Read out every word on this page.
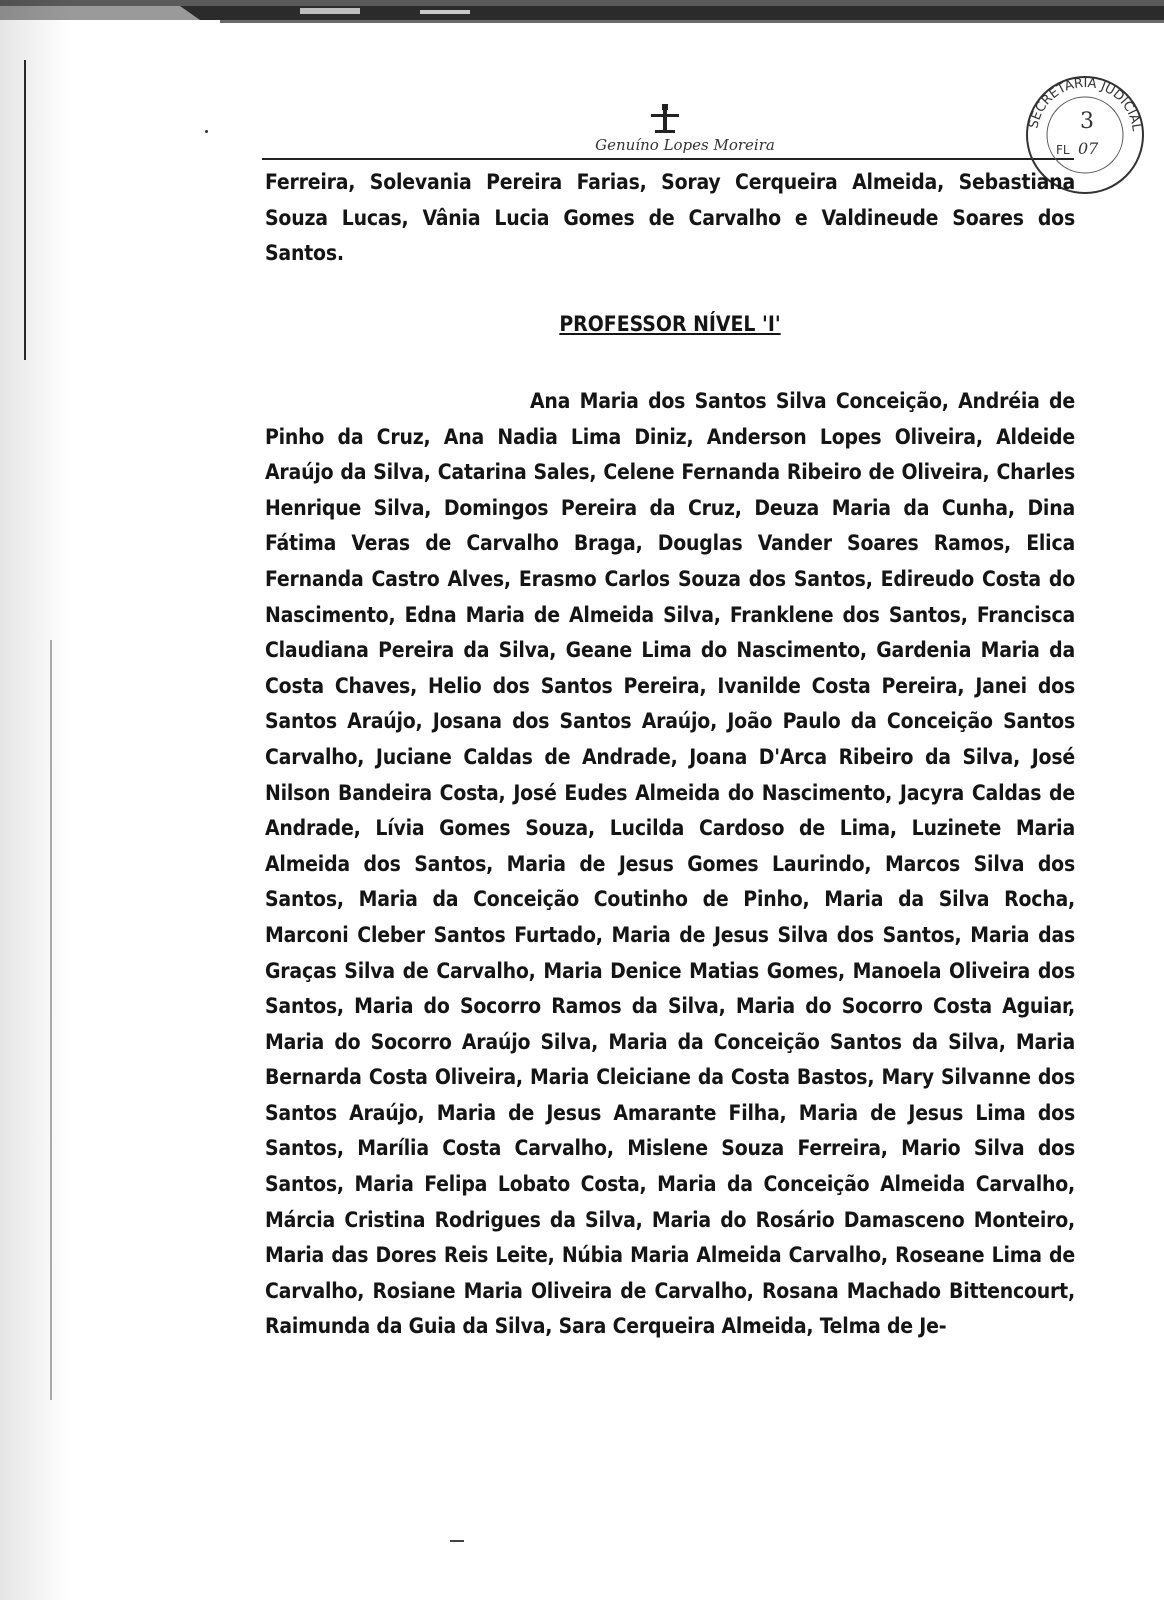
Genuíno Lopes Moreira
SECRETARIA JUDICIAL
3
FL 07
Ferreira, Solevania Pereira Farias, Soray Cerqueira Almeida, Sebastiana Souza Lucas, Vânia Lucia Gomes de Carvalho e Valdineude Soares dos Santos.
PROFESSOR NÍVEL 'I'
Ana Maria dos Santos Silva Conceição, Andréia de Pinho da Cruz, Ana Nadia Lima Diniz, Anderson Lopes Oliveira, Aldeide Araújo da Silva, Catarina Sales, Celene Fernanda Ribeiro de Oliveira, Charles Henrique Silva, Domingos Pereira da Cruz, Deuza Maria da Cunha, Dina Fátima Veras de Carvalho Braga, Douglas Vander Soares Ramos, Elica Fernanda Castro Alves, Erasmo Carlos Souza dos Santos, Edireudo Costa do Nascimento, Edna Maria de Almeida Silva, Franklene dos Santos, Francisca Claudiana Pereira da Silva, Geane Lima do Nascimento, Gardenia Maria da Costa Chaves, Helio dos Santos Pereira, Ivanilde Costa Pereira, Janei dos Santos Araújo, Josana dos Santos Araújo, João Paulo da Conceição Santos Carvalho, Juciane Caldas de Andrade, Joana D'Arca Ribeiro da Silva, José Nilson Bandeira Costa, José Eudes Almeida do Nascimento, Jacyra Caldas de Andrade, Lívia Gomes Souza, Lucilda Cardoso de Lima, Luzinete Maria Almeida dos Santos, Maria de Jesus Gomes Laurindo, Marcos Silva dos Santos, Maria da Conceição Coutinho de Pinho, Maria da Silva Rocha, Marconi Cleber Santos Furtado, Maria de Jesus Silva dos Santos, Maria das Graças Silva de Carvalho, Maria Denice Matias Gomes, Manoela Oliveira dos Santos, Maria do Socorro Ramos da Silva, Maria do Socorro Costa Aguiar, Maria do Socorro Araújo Silva, Maria da Conceição Santos da Silva, Maria Bernarda Costa Oliveira, Maria Cleiciane da Costa Bastos, Mary Silvanne dos Santos Araújo, Maria de Jesus Amarante Filha, Maria de Jesus Lima dos Santos, Marília Costa Carvalho, Mislene Souza Ferreira, Mario Silva dos Santos, Maria Felipa Lobato Costa, Maria da Conceição Almeida Carvalho, Márcia Cristina Rodrigues da Silva, Maria do Rosário Damasceno Monteiro, Maria das Dores Reis Leite, Núbia Maria Almeida Carvalho, Roseane Lima de Carvalho, Rosiane Maria Oliveira de Carvalho, Rosana Machado Bittencourt, Raimunda da Guia da Silva, Sara Cerqueira Almeida, Telma de Je-
